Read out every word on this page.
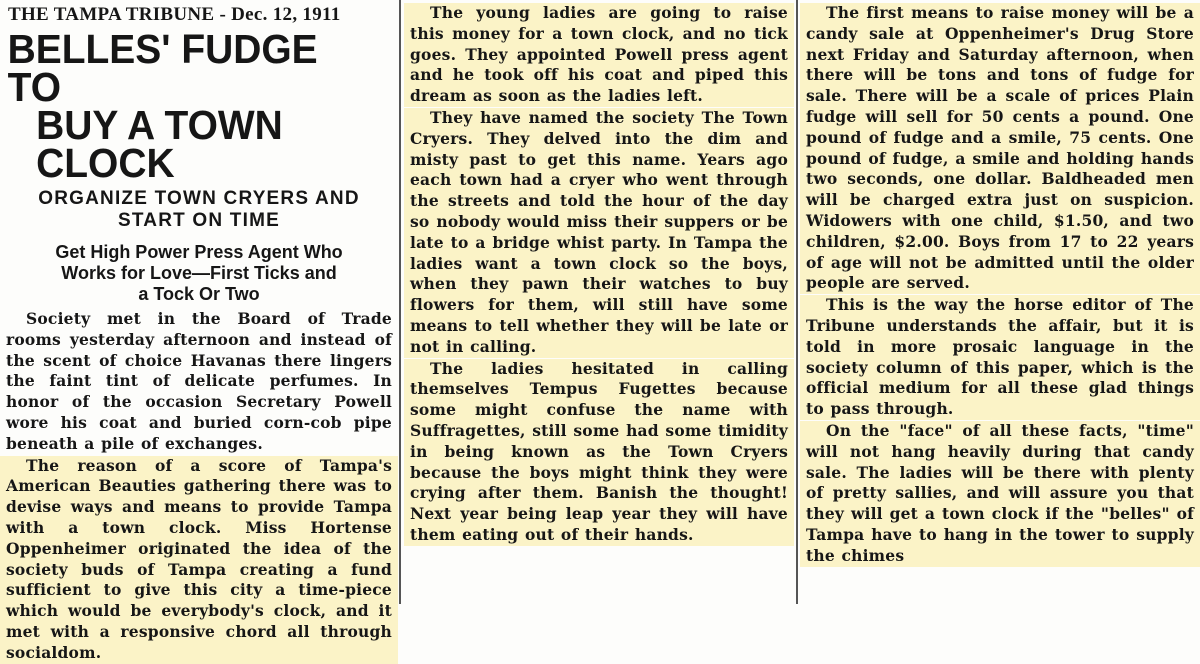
THE TAMPA TRIBUNE - Dec. 12, 1911
BELLES' FUDGE TO
BUY A TOWN CLOCK
ORGANIZE TOWN CRYERS AND
START ON TIME
Get High Power Press Agent Who
Works for Love—First Ticks and
a Tock Or Two

Society met in the Board of Trade rooms yesterday afternoon and instead of the scent of choice Havanas there lingers the faint tint of delicate perfumes. In honor of the occasion Secretary Powell wore his coat and buried corn-cob pipe beneath a pile of exchanges.

The reason of a score of Tampa's American Beauties gathering there was to devise ways and means to provide Tampa with a town clock. Miss Hortense Oppenheimer originated the idea of the society buds of Tampa creating a fund sufficient to give this city a time-piece which would be everybody's clock, and it met with a responsive chord all through socialdom.

The young ladies are going to raise this money for a town clock, and no tick goes. They appointed Powell press agent and he took off his coat and piped this dream as soon as the ladies left.

They have named the society The Town Cryers. They delved into the dim and misty past to get this name. Years ago each town had a cryer who went through the streets and told the hour of the day so nobody would miss their suppers or be late to a bridge whist party. In Tampa the ladies want a town clock so the boys, when they pawn their watches to buy flowers for them, will still have some means to tell whether they will be late or not in calling.

The ladies hesitated in calling themselves Tempus Fugettes because some might confuse the name with Suffragettes, still some had some timidity in being known as the Town Cryers because the boys might think they were crying after them. Banish the thought! Next year being leap year they will have them eating out of their hands.

The first means to raise money will be a candy sale at Oppenheimer's Drug Store next Friday and Saturday afternoon, when there will be tons and tons of fudge for sale. There will be a scale of prices Plain fudge will sell for 50 cents a pound. One pound of fudge and a smile, 75 cents. One pound of fudge, a smile and holding hands two seconds, one dollar. Baldheaded men will be charged extra just on suspicion. Widowers with one child, $1.50, and two children, $2.00. Boys from 17 to 22 years of age will not be admitted until the older people are served.

This is the way the horse editor of The Tribune understands the affair, but it is told in more prosaic language in the society column of this paper, which is the official medium for all these glad things to pass through.

On the "face" of all these facts, "time" will not hang heavily during that candy sale. The ladies will be there with plenty of pretty sallies, and will assure you that they will get a town clock if the "belles" of Tampa have to hang in the tower to supply the chimes
